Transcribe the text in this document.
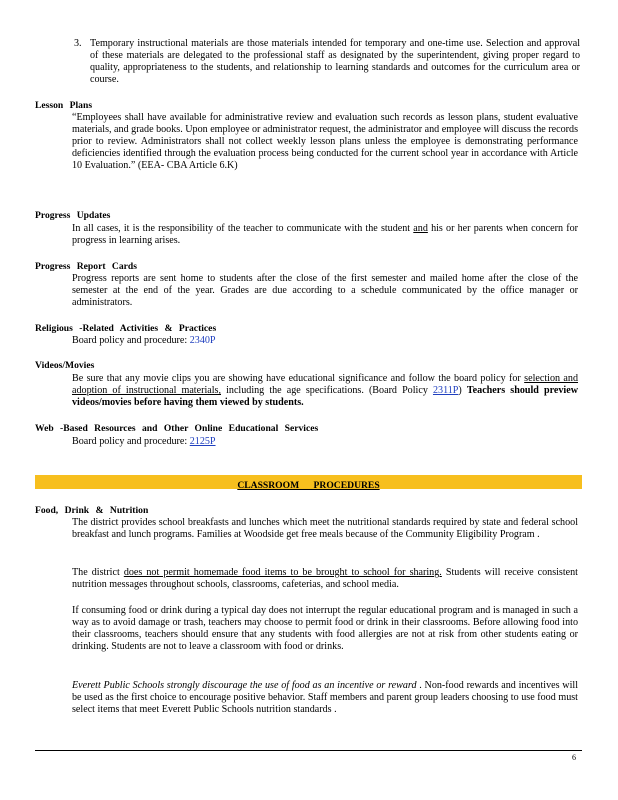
3. Temporary instructional materials are those materials intended for temporary and one-time use. Selection and approval of these materials are delegated to the professional staff as designated by the superintendent, giving proper regard to quality, appropriateness to the students, and relationship to learning standards and outcomes for the curriculum area or course.
Lesson Plans
“Employees shall have available for administrative review and evaluation such records as lesson plans, student evaluative materials, and grade books. Upon employee or administrator request, the administrator and employee will discuss the records prior to review. Administrators shall not collect weekly lesson plans unless the employee is demonstrating performance deficiencies identified through the evaluation process being conducted for the current school year in accordance with Article 10 Evaluation.” (EEA- CBA Article 6.K)
Progress Updates
In all cases, it is the responsibility of the teacher to communicate with the student and his or her parents when concern for progress in learning arises.
Progress Report Cards
Progress reports are sent home to students after the close of the first semester and mailed home after the close of the semester at the end of the year. Grades are due according to a schedule communicated by the office manager or administrators.
Religious -Related Activities & Practices
Board policy and procedure: 2340P
Videos/Movies
Be sure that any movie clips you are showing have educational significance and follow the board policy for selection and adoption of instructional materials, including the age specifications. (Board Policy 2311P) Teachers should preview videos/movies before having them viewed by students.
Web -Based Resources and Other Online Educational Services
Board policy and procedure: 2125P
CLASSROOM PROCEDURES
Food, Drink & Nutrition
The district provides school breakfasts and lunches which meet the nutritional standards required by state and federal school breakfast and lunch programs. Families at Woodside get free meals because of the Community Eligibility Program .
The district does not permit homemade food items to be brought to school for sharing. Students will receive consistent nutrition messages throughout schools, classrooms, cafeterias, and school media.
If consuming food or drink during a typical day does not interrupt the regular educational program and is managed in such a way as to avoid damage or trash, teachers may choose to permit food or drink in their classrooms. Before allowing food into their classrooms, teachers should ensure that any students with food allergies are not at risk from other students eating or drinking. Students are not to leave a classroom with food or drinks.
Everett Public Schools strongly discourage the use of food as an incentive or reward . Non-food rewards and incentives will be used as the first choice to encourage positive behavior. Staff members and parent group leaders choosing to use food must select items that meet Everett Public Schools nutrition standards .
6
